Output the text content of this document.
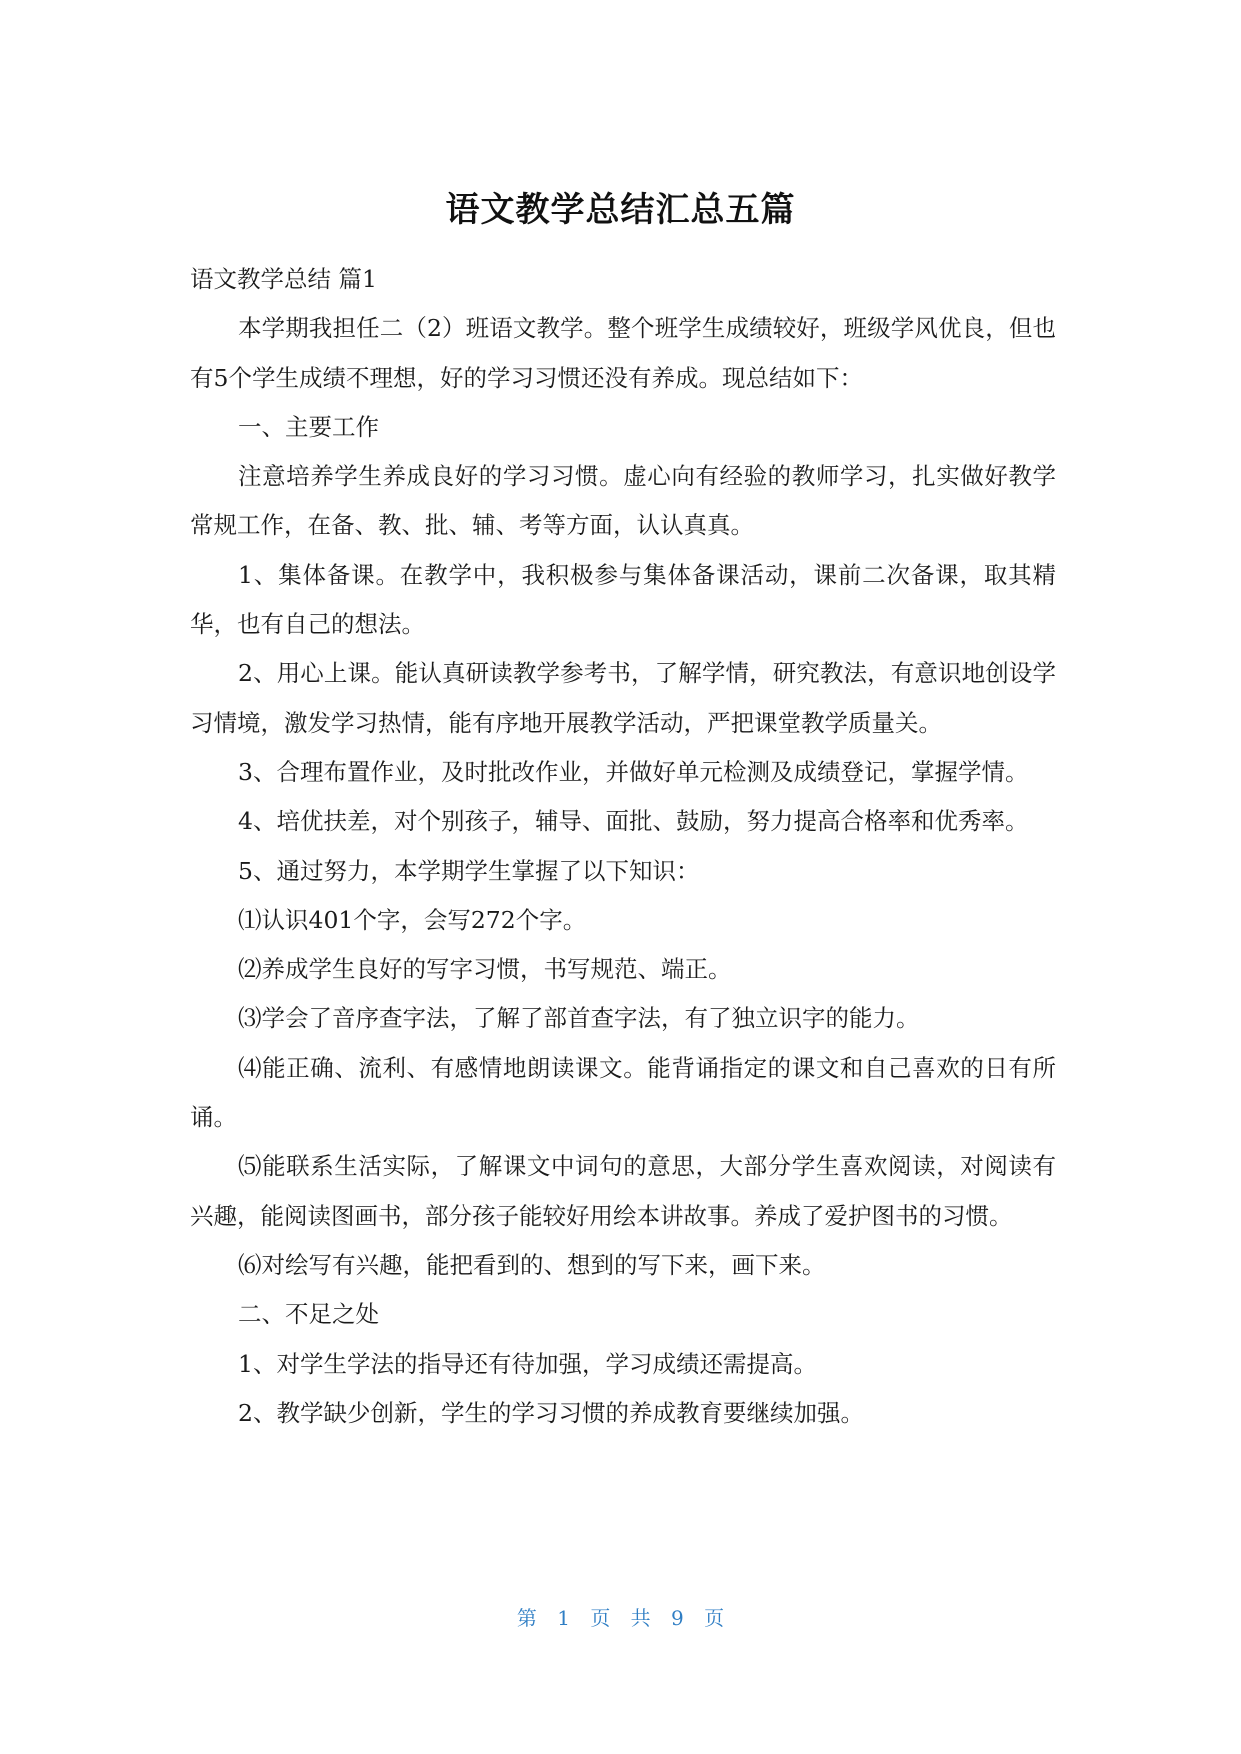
语文教学总结汇总五篇

语文教学总结 篇1

本学期我担任二（2）班语文教学。整个班学生成绩较好，班级学风优良，但也有5个学生成绩不理想，好的学习习惯还没有养成。现总结如下：

一、主要工作

注意培养学生养成良好的学习习惯。虚心向有经验的教师学习，扎实做好教学常规工作，在备、教、批、辅、考等方面，认认真真。

1、集体备课。在教学中，我积极参与集体备课活动，课前二次备课，取其精华，也有自己的想法。

2、用心上课。能认真研读教学参考书，了解学情，研究教法，有意识地创设学习情境，激发学习热情，能有序地开展教学活动，严把课堂教学质量关。

3、合理布置作业，及时批改作业，并做好单元检测及成绩登记，掌握学情。

4、培优扶差，对个别孩子，辅导、面批、鼓励，努力提高合格率和优秀率。

5、通过努力，本学期学生掌握了以下知识：

⑴认识401个字，会写272个字。

⑵养成学生良好的写字习惯，书写规范、端正。

⑶学会了音序查字法，了解了部首查字法，有了独立识字的能力。

⑷能正确、流利、有感情地朗读课文。能背诵指定的课文和自己喜欢的日有所诵。

⑸能联系生活实际，了解课文中词句的意思，大部分学生喜欢阅读，对阅读有兴趣，能阅读图画书，部分孩子能较好用绘本讲故事。养成了爱护图书的习惯。

⑹对绘写有兴趣，能把看到的、想到的写下来，画下来。

二、不足之处

1、对学生学法的指导还有待加强，学习成绩还需提高。

2、教学缺少创新，学生的学习习惯的养成教育要继续加强。

第 1 页 共 9 页
